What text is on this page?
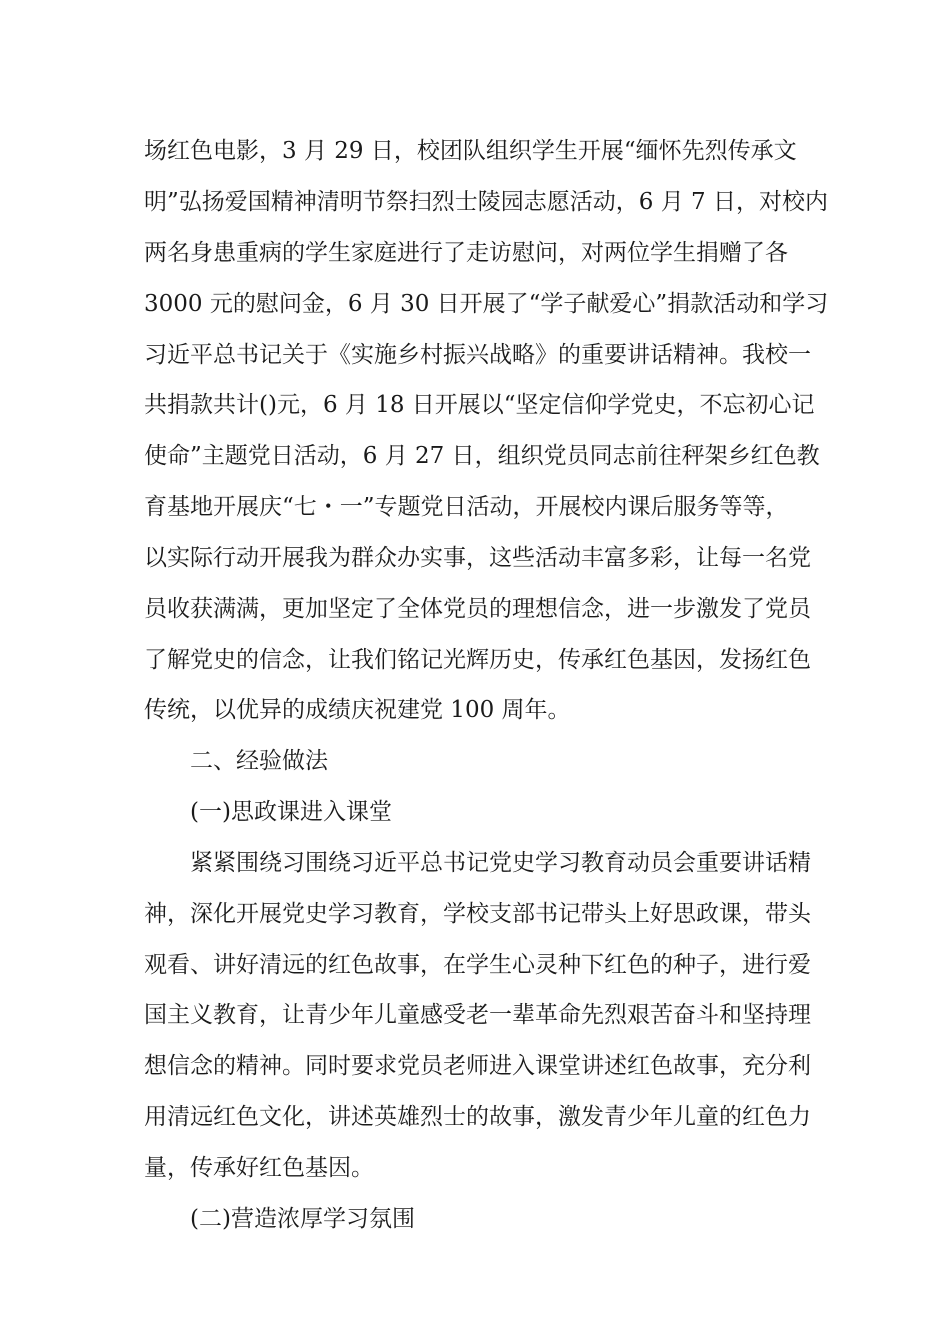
场红色电影，3 月 29 日，校团队组织学生开展“缅怀先烈传承文
明”弘扬爱国精神清明节祭扫烈士陵园志愿活动，6 月 7 日，对校内
两名身患重病的学生家庭进行了走访慰问，对两位学生捐赠了各
3000 元的慰问金，6 月 30 日开展了“学子献爱心”捐款活动和学习
习近平总书记关于《实施乡村振兴战略》的重要讲话精神。我校一
共捐款共计()元，6 月 18 日开展以“坚定信仰学党史，不忘初心记
使命”主题党日活动，6 月 27 日，组织党员同志前往秤架乡红色教
育基地开展庆“七・一”专题党日活动，开展校内课后服务等等，
以实际行动开展我为群众办实事，这些活动丰富多彩，让每一名党
员收获满满，更加坚定了全体党员的理想信念，进一步激发了党员
了解党史的信念，让我们铭记光辉历史，传承红色基因，发扬红色
传统，以优异的成绩庆祝建党 100 周年。
二、经验做法
(一)思政课进入课堂
紧紧围绕习围绕习近平总书记党史学习教育动员会重要讲话精
神，深化开展党史学习教育，学校支部书记带头上好思政课，带头
观看、讲好清远的红色故事，在学生心灵种下红色的种子，进行爱
国主义教育，让青少年儿童感受老一辈革命先烈艰苦奋斗和坚持理
想信念的精神。同时要求党员老师进入课堂讲述红色故事，充分利
用清远红色文化，讲述英雄烈士的故事，激发青少年儿童的红色力
量，传承好红色基因。
(二)营造浓厚学习氛围
